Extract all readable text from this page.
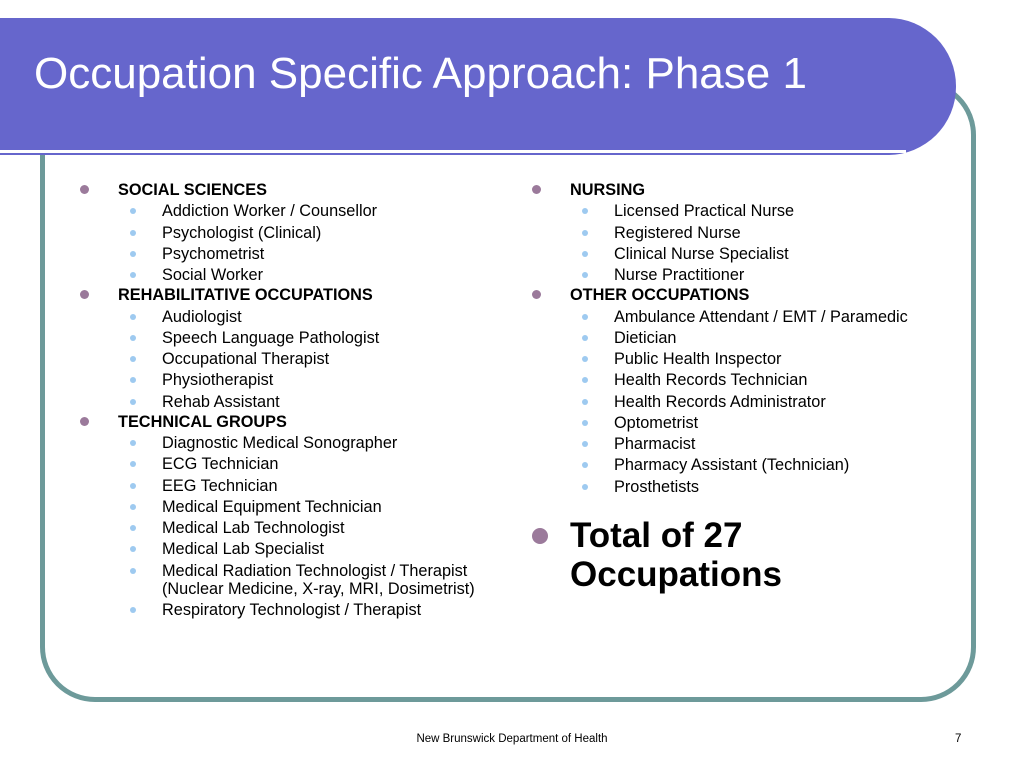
Occupation Specific Approach: Phase 1
SOCIAL SCIENCES
Addiction Worker / Counsellor
Psychologist (Clinical)
Psychometrist
Social Worker
REHABILITATIVE OCCUPATIONS
Audiologist
Speech Language Pathologist
Occupational Therapist
Physiotherapist
Rehab Assistant
TECHNICAL GROUPS
Diagnostic Medical Sonographer
ECG Technician
EEG Technician
Medical Equipment Technician
Medical Lab Technologist
Medical Lab Specialist
Medical Radiation Technologist / Therapist (Nuclear Medicine, X-ray, MRI, Dosimetrist)
Respiratory Technologist / Therapist
NURSING
Licensed Practical Nurse
Registered Nurse
Clinical Nurse Specialist
Nurse Practitioner
OTHER OCCUPATIONS
Ambulance Attendant / EMT / Paramedic
Dietician
Public Health Inspector
Health Records Technician
Health Records Administrator
Optometrist
Pharmacist
Pharmacy Assistant (Technician)
Prosthetists
Total of 27 Occupations
New Brunswick Department of Health	7
